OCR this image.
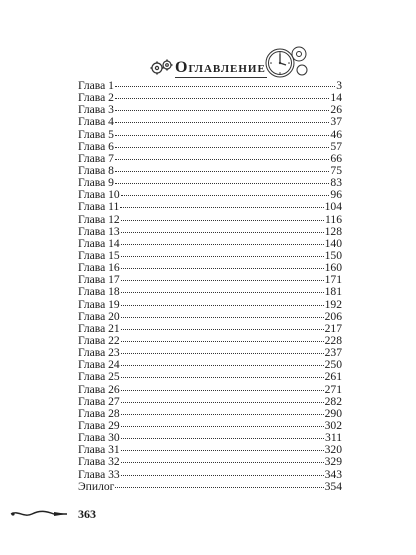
Оглавление
Глава 1	3
Глава 2	14
Глава 3	26
Глава 4	37
Глава 5	46
Глава 6	57
Глава 7	66
Глава 8	75
Глава 9	83
Глава 10	96
Глава 11	104
Глава 12	116
Глава 13	128
Глава 14	140
Глава 15	150
Глава 16	160
Глава 17	171
Глава 18	181
Глава 19	192
Глава 20	206
Глава 21	217
Глава 22	228
Глава 23	237
Глава 24	250
Глава 25	261
Глава 26	271
Глава 27	282
Глава 28	290
Глава 29	302
Глава 30	311
Глава 31	320
Глава 32	329
Глава 33	343
Эпилог	354
363
